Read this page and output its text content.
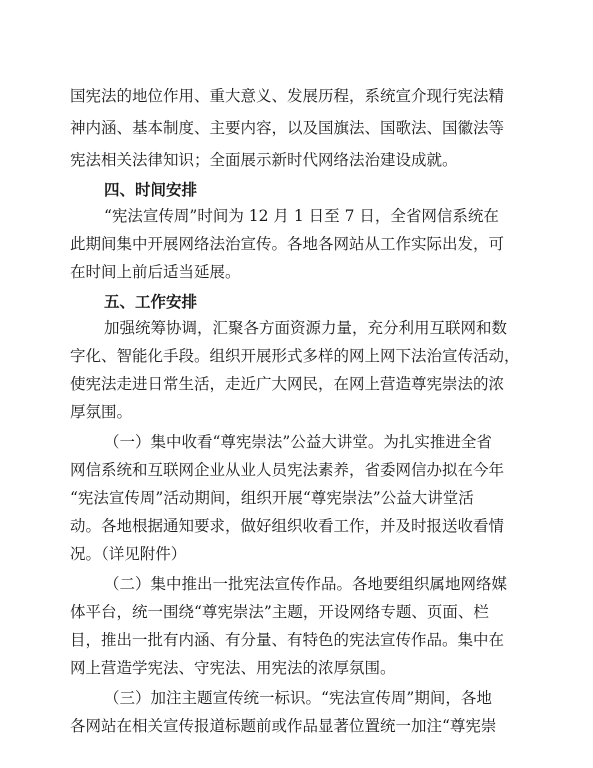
国宪法的地位作用、重大意义、发展历程，系统宣介现行宪法精
神内涵、基本制度、主要内容，以及国旗法、国歌法、国徽法等
宪法相关法律知识；全面展示新时代网络法治建设成就。
四、时间安排
“宪法宣传周”时间为 12 月 1 日至 7 日，全省网信系统在
此期间集中开展网络法治宣传。各地各网站从工作实际出发，可
在时间上前后适当延展。
五、工作安排
加强统筹协调，汇聚各方面资源力量，充分利用互联网和数
字化、智能化手段。组织开展形式多样的网上网下法治宣传活动，
使宪法走进日常生活，走近广大网民，在网上营造尊宪崇法的浓
厚氛围。
（一）集中收看“尊宪崇法”公益大讲堂。为扎实推进全省
网信系统和互联网企业从业人员宪法素养，省委网信办拟在今年
“宪法宣传周”活动期间，组织开展“尊宪崇法”公益大讲堂活
动。各地根据通知要求，做好组织收看工作，并及时报送收看情
况。（详见附件）
（二）集中推出一批宪法宣传作品。各地要组织属地网络媒
体平台，统一围绕“尊宪崇法”主题，开设网络专题、页面、栏
目，推出一批有内涵、有分量、有特色的宪法宣传作品。集中在
网上营造学宪法、守宪法、用宪法的浓厚氛围。
（三）加注主题宣传统一标识。“宪法宣传周”期间，各地
各网站在相关宣传报道标题前或作品显著位置统一加注“尊宪崇
